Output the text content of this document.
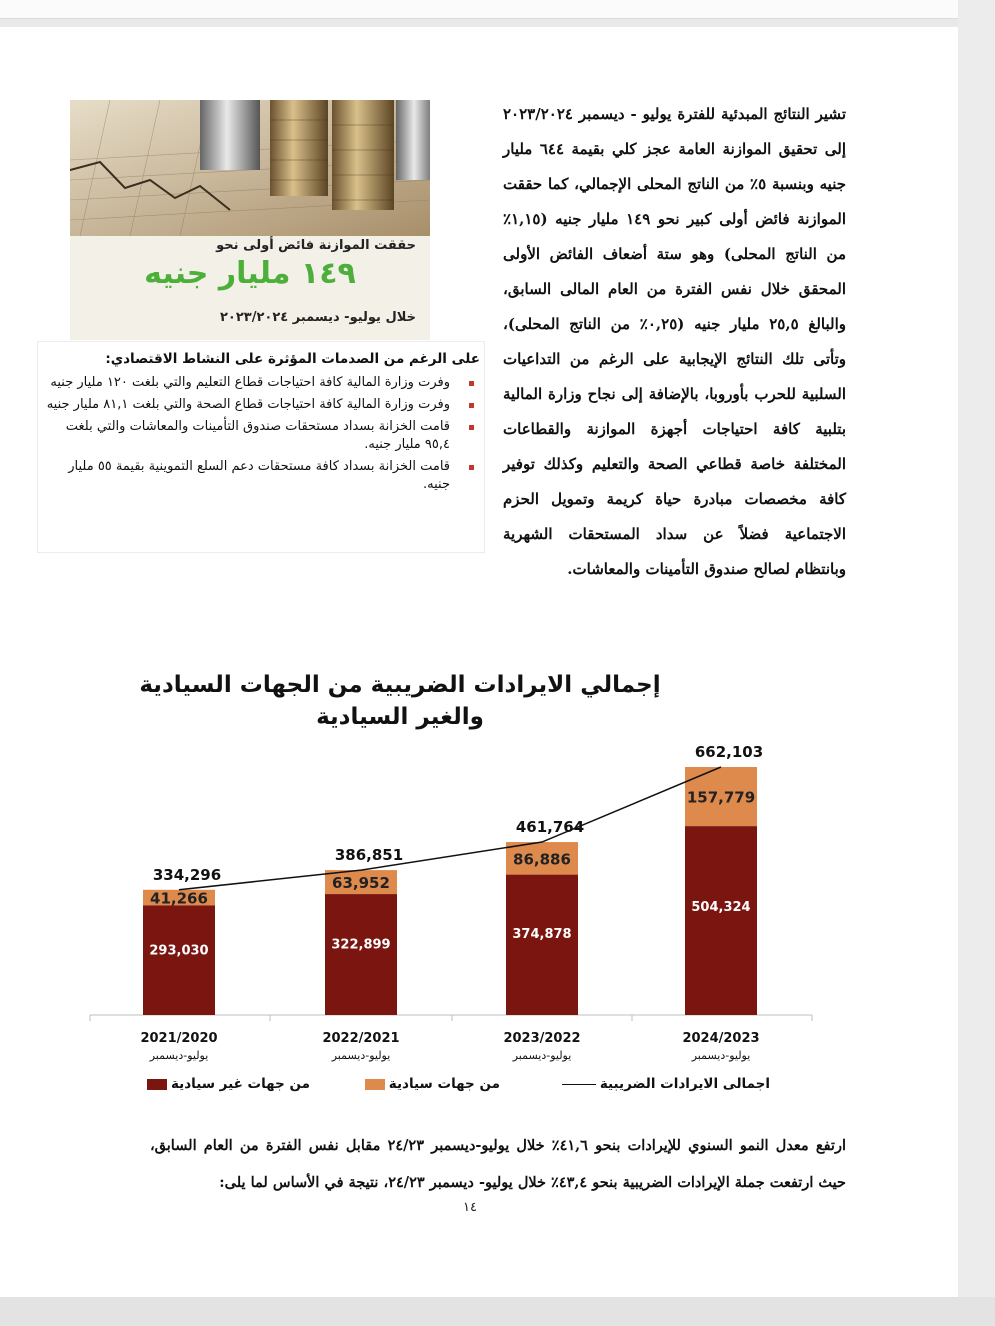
تشير النتائج المبدئية للفترة يوليو - ديسمبر ٢٠٢٣/٢٠٢٤ إلى تحقيق الموازنة العامة عجز كلي بقيمة ٦٤٤ مليار جنيه وبنسبة ٥٪ من الناتج المحلى الإجمالي، كما حققت الموازنة فائض أولى كبير نحو ١٤٩ مليار جنيه (١,١٥٪ من الناتج المحلى) وهو ستة أضعاف الفائض الأولى المحقق خلال نفس الفترة من العام المالى السابق، والبالغ ٢٥,٥ مليار جنيه (٠,٢٥٪ من الناتج المحلى)، وتأتى تلك النتائج الإيجابية على الرغم من التداعيات السلبية للحرب بأوروبا، بالإضافة إلى نجاح وزارة المالية بتلبية كافة احتياجات أجهزة الموازنة والقطاعات المختلفة خاصة قطاعي الصحة والتعليم وكذلك توفير كافة مخصصات مبادرة حياة كريمة وتمويل الحزم الاجتماعية فضلاً عن سداد المستحقات الشهرية وبانتظام لصالح صندوق التأمينات والمعاشات.
حققت الموازنة فائض أولى نحو
١٤٩ مليار جنيه
خلال يوليو- ديسمبر ٢٠٢٣/٢٠٢٤
على الرغم من الصدمات المؤثرة على النشاط الاقتصادي:
وفرت وزارة المالية كافة احتياجات قطاع التعليم والتي بلغت ١٢٠ مليار جنيه
وفرت وزارة المالية كافة احتياجات قطاع الصحة والتي بلغت ٨١,١ مليار جنيه
قامت الخزانة بسداد مستحقات صندوق التأمينات والمعاشات والتي بلغت ٩٥,٤ مليار جنيه.
قامت الخزانة بسداد كافة مستحقات دعم السلع التموينية بقيمة ٥٥ مليار جنيه.
إجمالي الايرادات الضريبية من الجهات السيادية والغير السيادية
293,030
41,266
334,296
2021/2020
يوليو-ديسمبر
322,899
63,952
386,851
2022/2021
يوليو-ديسمبر
374,878
86,886
461,764
2023/2022
يوليو-ديسمبر
504,324
157,779
662,103
2024/2023
يوليو-ديسمبر
اجمالى الايرادات الضريبية
من جهات سيادية
من جهات غير سيادية
ارتفع معدل النمو السنوي للإيرادات بنحو ٤١,٦٪ خلال يوليو-ديسمبر ٢٤/٢٣ مقابل نفس الفترة من العام السابق، حيث ارتفعت جملة الإيرادات الضريبية بنحو ٤٣,٤٪ خلال يوليو- ديسمبر ٢٤/٢٣، نتيجة في الأساس لما يلى:
١٤
